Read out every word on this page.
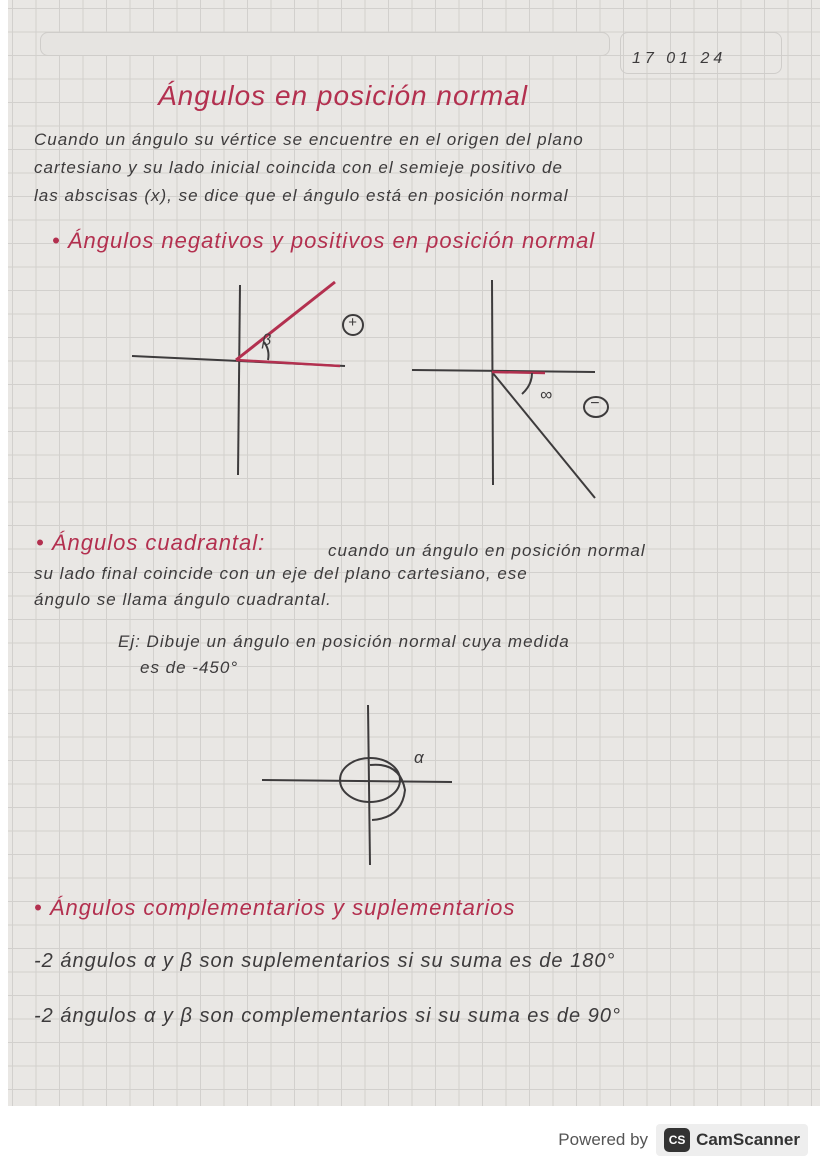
17 01 24
Ángulos en posición normal
Cuando un ángulo su vértice se encuentre en el origen del plano
cartesiano y su lado inicial coincida con el semieje positivo de
las abscisas (x), se dice que el ángulo está en posición normal
• Ángulos negativos y positivos en posición normal
β
+
−
∞
• Ángulos cuadrantal:	cuando un ángulo en posición normal
su lado final coincide con un eje del plano cartesiano, ese
ángulo se llama ángulo cuadrantal.
Ej: Dibuje un ángulo en posición normal cuya medida
es de -450°
α
• Ángulos complementarios y suplementarios
-2 ángulos α y β son suplementarios si su suma es de 180°
-2 ángulos α y β son complementarios si su suma es de 90°
Powered by	CS CamScanner
